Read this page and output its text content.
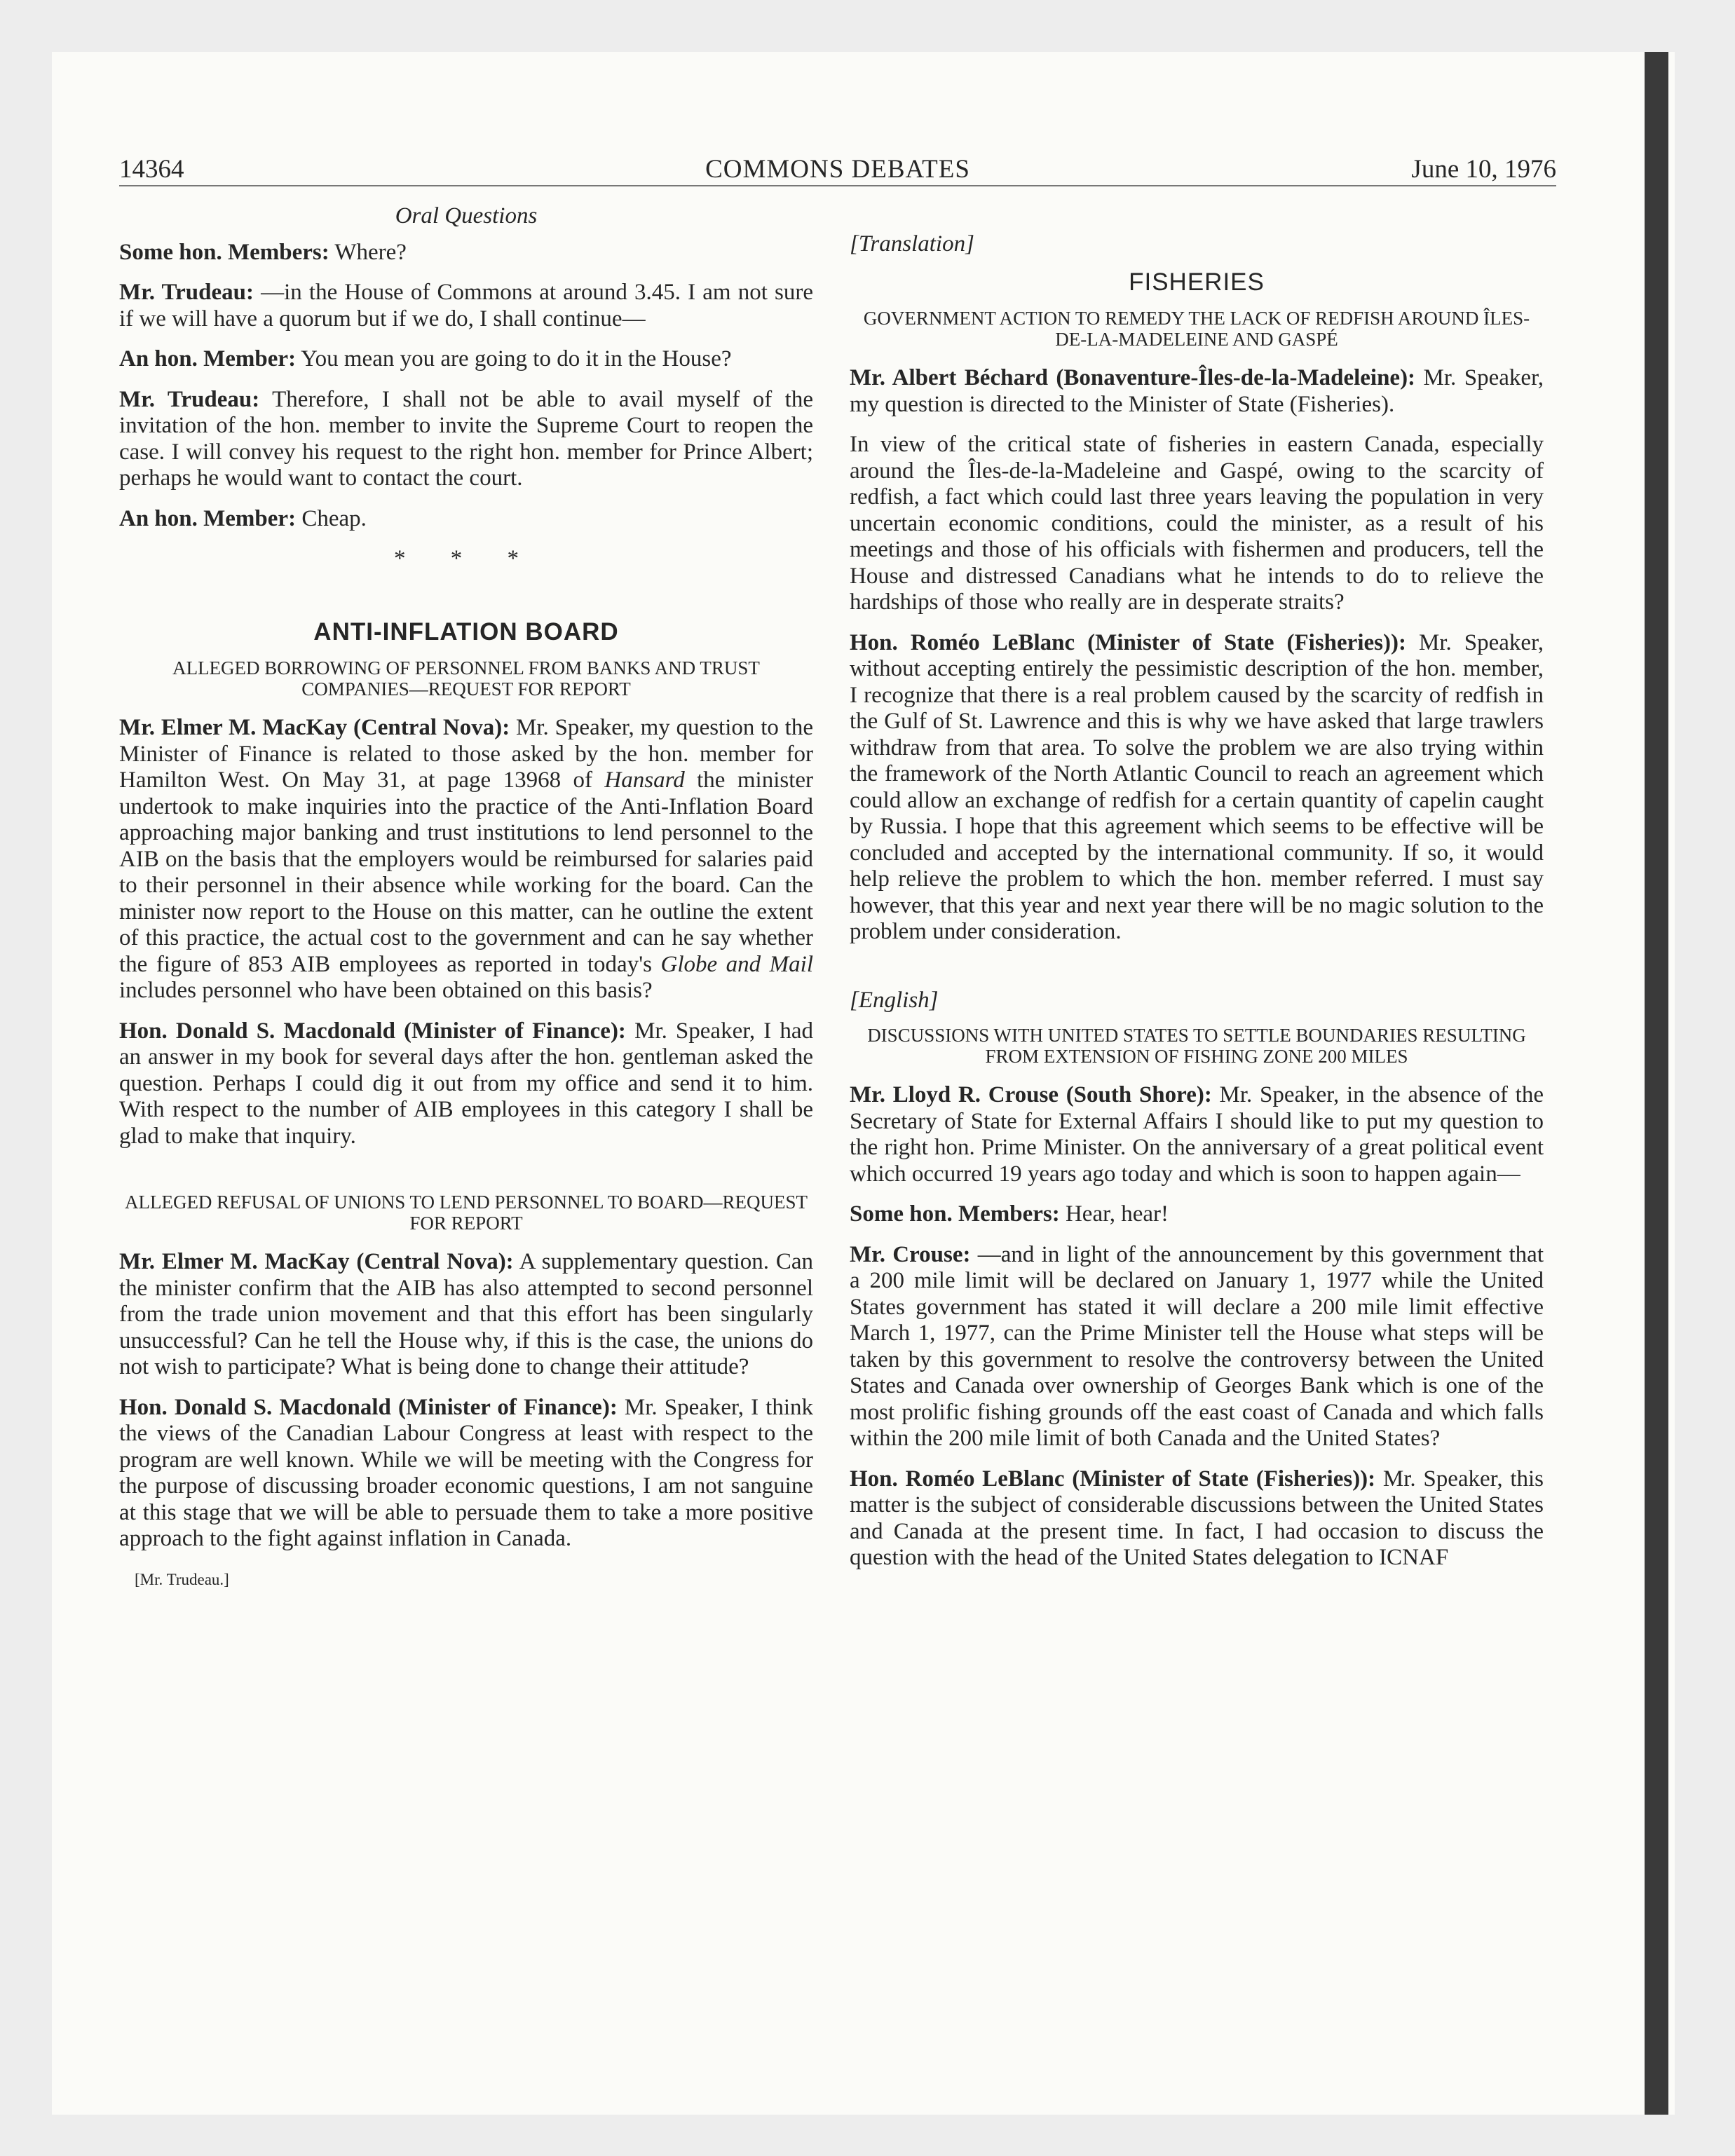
COMMONS DEBATES
14364	June 10, 1976
Oral Questions

Some hon. Members: Where?

Mr. Trudeau: —in the House of Commons at around 3.45. I am not sure if we will have a quorum but if we do, I shall continue—

An hon. Member: You mean you are going to do it in the House?

Mr. Trudeau: Therefore, I shall not be able to avail myself of the invitation of the hon. member to invite the Supreme Court to reopen the case. I will convey his request to the right hon. member for Prince Albert; perhaps he would want to contact the court.

An hon. Member: Cheap.

* * *
ANTI-INFLATION BOARD
ALLEGED BORROWING OF PERSONNEL FROM BANKS AND TRUST COMPANIES—REQUEST FOR REPORT

Mr. Elmer M. MacKay (Central Nova): Mr. Speaker, my question to the Minister of Finance is related to those asked by the hon. member for Hamilton West. On May 31, at page 13968 of Hansard the minister undertook to make inquiries into the practice of the Anti-Inflation Board approaching major banking and trust institutions to lend personnel to the AIB on the basis that the employers would be reimbursed for salaries paid to their personnel in their absence while working for the board. Can the minister now report to the House on this matter, can he outline the extent of this practice, the actual cost to the government and can he say whether the figure of 853 AIB employees as reported in today's Globe and Mail includes personnel who have been obtained on this basis?

Hon. Donald S. Macdonald (Minister of Finance): Mr. Speaker, I had an answer in my book for several days after the hon. gentleman asked the question. Perhaps I could dig it out from my office and send it to him. With respect to the number of AIB employees in this category I shall be glad to make that inquiry.

ALLEGED REFUSAL OF UNIONS TO LEND PERSONNEL TO BOARD—REQUEST FOR REPORT

Mr. Elmer M. MacKay (Central Nova): A supplementary question. Can the minister confirm that the AIB has also attempted to second personnel from the trade union movement and that this effort has been singularly unsuccessful? Can he tell the House why, if this is the case, the unions do not wish to participate? What is being done to change their attitude?

Hon. Donald S. Macdonald (Minister of Finance): Mr. Speaker, I think the views of the Canadian Labour Congress at least with respect to the program are well known. While we will be meeting with the Congress for the purpose of discussing broader economic questions, I am not sanguine at this stage that we will be able to persuade them to take a more positive approach to the fight against inflation in Canada.

[Mr. Trudeau.]
[Translation]
FISHERIES
GOVERNMENT ACTION TO REMEDY THE LACK OF REDFISH AROUND ÎLES-DE-LA-MADELEINE AND GASPÉ

Mr. Albert Béchard (Bonaventure-Îles-de-la-Madeleine): Mr. Speaker, my question is directed to the Minister of State (Fisheries).

In view of the critical state of fisheries in eastern Canada, especially around the Îles-de-la-Madeleine and Gaspé, owing to the scarcity of redfish, a fact which could last three years leaving the population in very uncertain economic conditions, could the minister, as a result of his meetings and those of his officials with fishermen and producers, tell the House and distressed Canadians what he intends to do to relieve the hardships of those who really are in desperate straits?

Hon. Roméo LeBlanc (Minister of State (Fisheries)): Mr. Speaker, without accepting entirely the pessimistic description of the hon. member, I recognize that there is a real problem caused by the scarcity of redfish in the Gulf of St. Lawrence and this is why we have asked that large trawlers withdraw from that area. To solve the problem we are also trying within the framework of the North Atlantic Council to reach an agreement which could allow an exchange of redfish for a certain quantity of capelin caught by Russia. I hope that this agreement which seems to be effective will be concluded and accepted by the international community. If so, it would help relieve the problem to which the hon. member referred. I must say however, that this year and next year there will be no magic solution to the problem under consideration.

[English]
DISCUSSIONS WITH UNITED STATES TO SETTLE BOUNDARIES RESULTING FROM EXTENSION OF FISHING ZONE 200 MILES

Mr. Lloyd R. Crouse (South Shore): Mr. Speaker, in the absence of the Secretary of State for External Affairs I should like to put my question to the right hon. Prime Minister. On the anniversary of a great political event which occurred 19 years ago today and which is soon to happen again—

Some hon. Members: Hear, hear!

Mr. Crouse: —and in light of the announcement by this government that a 200 mile limit will be declared on January 1, 1977 while the United States government has stated it will declare a 200 mile limit effective March 1, 1977, can the Prime Minister tell the House what steps will be taken by this government to resolve the controversy between the United States and Canada over ownership of Georges Bank which is one of the most prolific fishing grounds off the east coast of Canada and which falls within the 200 mile limit of both Canada and the United States?

Hon. Roméo LeBlanc (Minister of State (Fisheries)): Mr. Speaker, this matter is the subject of considerable discussions between the United States and Canada at the present time. In fact, I had occasion to discuss the question with the head of the United States delegation to ICNAF
